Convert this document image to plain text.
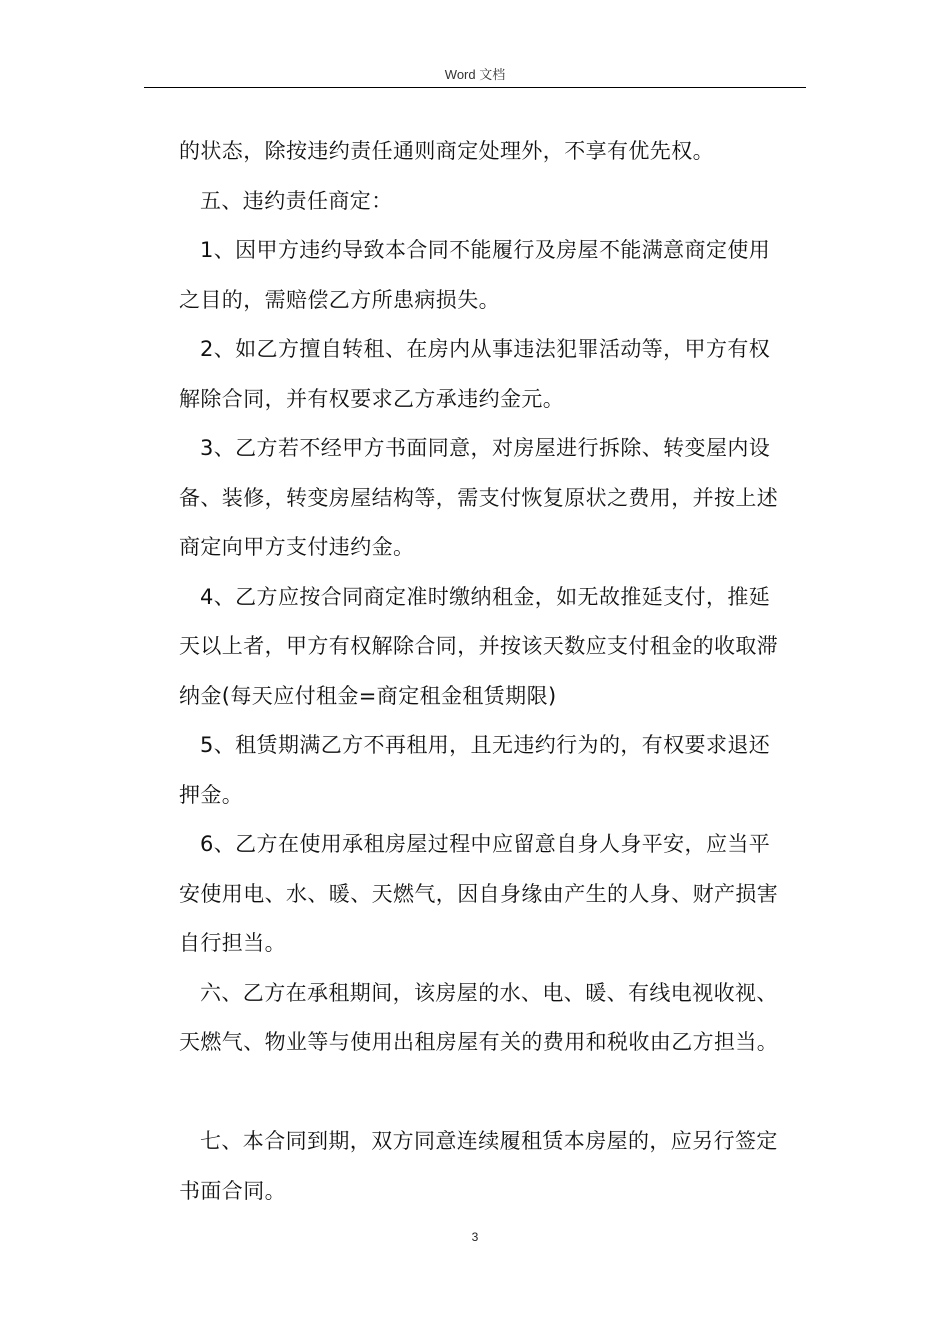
Word 文档
的状态，除按违约责任通则商定处理外，不享有优先权。
五、违约责任商定：
1、因甲方违约导致本合同不能履行及房屋不能满意商定使用
之目的，需赔偿乙方所患病损失。
2、如乙方擅自转租、在房内从事违法犯罪活动等，甲方有权
解除合同，并有权要求乙方承违约金元。
3、乙方若不经甲方书面同意，对房屋进行拆除、转变屋内设
备、装修，转变房屋结构等，需支付恢复原状之费用，并按上述
商定向甲方支付违约金。
4、乙方应按合同商定准时缴纳租金，如无故推延支付，推延
天以上者，甲方有权解除合同，并按该天数应支付租金的收取滞
纳金(每天应付租金=商定租金租赁期限)
5、租赁期满乙方不再租用，且无违约行为的，有权要求退还
押金。
6、乙方在使用承租房屋过程中应留意自身人身平安，应当平
安使用电、水、暖、天燃气，因自身缘由产生的人身、财产损害
自行担当。
六、乙方在承租期间，该房屋的水、电、暖、有线电视收视、
天燃气、物业等与使用出租房屋有关的费用和税收由乙方担当。
七、本合同到期，双方同意连续履租赁本房屋的，应另行签定
书面合同。
3
